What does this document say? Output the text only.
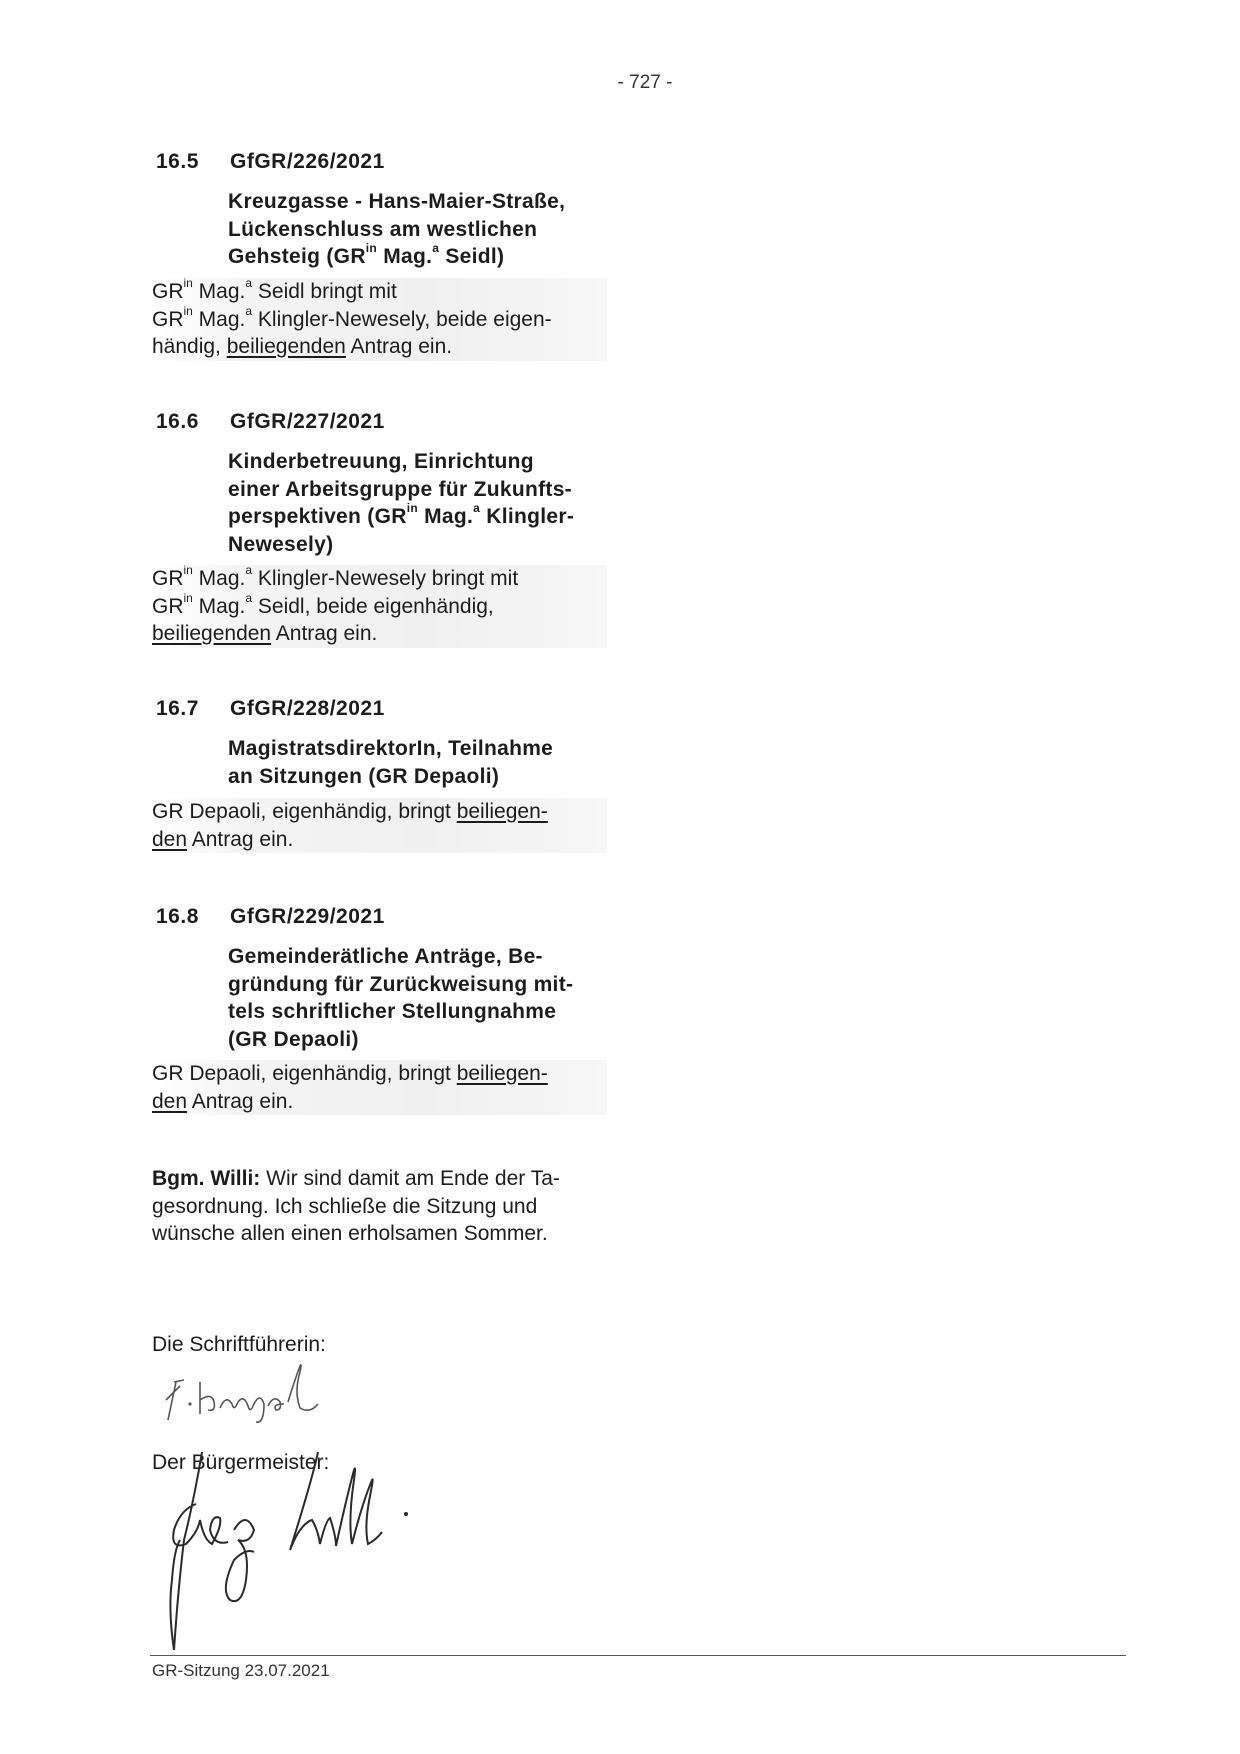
- 727 -
16.5 GfGR/226/2021
Kreuzgasse - Hans-Maier-Straße,
Lückenschluss am westlichen
Gehsteig ($GR^{in}$ Mag.$^a$ Seidl)
$GR^{in}$ Mag.$^a$ Seidl bringt mit
$GR^{in}$ Mag.$^a$ Klingler-Newesely, beide eigen-
händig, beiliegenden Antrag ein.
16.6 GfGR/227/2021
Kinderbetreuung, Einrichtung
einer Arbeitsgruppe für Zukunfts-
perspektiven ($GR^{in}$ Mag.$^a$ Klingler-
Newesely)
$GR^{in}$ Mag.$^a$ Klingler-Newesely bringt mit
$GR^{in}$ Mag.$^a$ Seidl, beide eigenhändig,
beiliegenden Antrag ein.
16.7 GfGR/228/2021
MagistratsdirektorIn, Teilnahme
an Sitzungen (GR Depaoli)
GR Depaoli, eigenhändig, bringt beiliegen-
den Antrag ein.
16.8 GfGR/229/2021
Gemeinderätliche Anträge, Be-
gründung für Zurückweisung mit-
tels schriftlicher Stellungnahme
(GR Depaoli)
GR Depaoli, eigenhändig, bringt beiliegen-
den Antrag ein.
Bgm. Willi: Wir sind damit am Ende der Ta-
gesordnung. Ich schließe die Sitzung und
wünsche allen einen erholsamen Sommer.
Die Schriftführerin:
Der Bürgermeister:
GR-Sitzung 23.07.2021
